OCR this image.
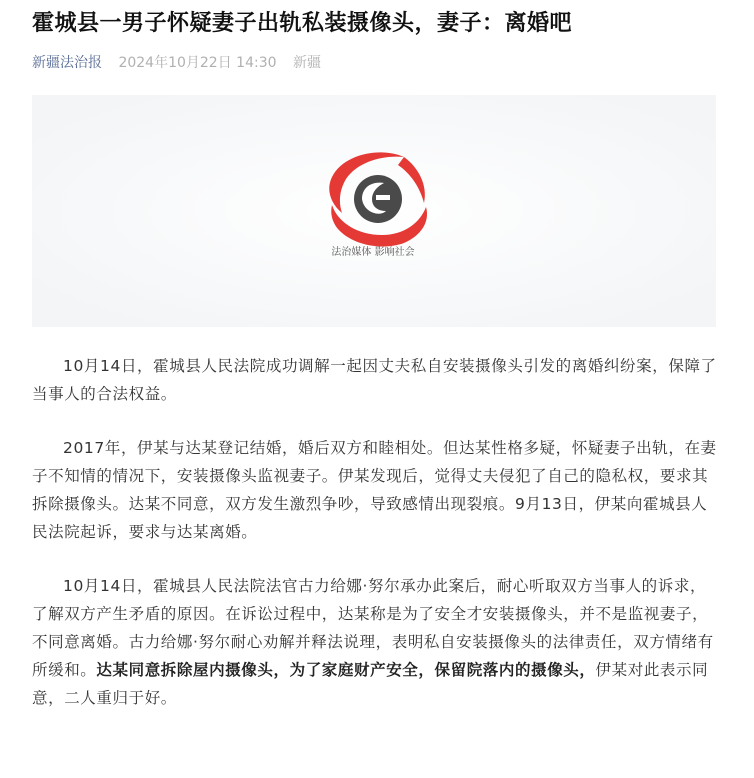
霍城县一男子怀疑妻子出轨私装摄像头，妻子：离婚吧
新疆法治报 2024年10月22日 14:30 新疆
法治媒体 影响社会

10月14日，霍城县人民法院成功调解一起因丈夫私自安装摄像头引发的离婚纠纷案，保障了当事人的合法权益。

2017年，伊某与达某登记结婚，婚后双方和睦相处。但达某性格多疑，怀疑妻子出轨，在妻子不知情的情况下，安装摄像头监视妻子。伊某发现后，觉得丈夫侵犯了自己的隐私权，要求其拆除摄像头。达某不同意，双方发生激烈争吵，导致感情出现裂痕。9月13日，伊某向霍城县人民法院起诉，要求与达某离婚。

10月14日，霍城县人民法院法官古力给娜·努尔承办此案后，耐心听取双方当事人的诉求，了解双方产生矛盾的原因。在诉讼过程中，达某称是为了安全才安装摄像头，并不是监视妻子，不同意离婚。古力给娜·努尔耐心劝解并释法说理，表明私自安装摄像头的法律责任，双方情绪有所缓和。达某同意拆除屋内摄像头，为了家庭财产安全，保留院落内的摄像头，伊某对此表示同意，二人重归于好。
